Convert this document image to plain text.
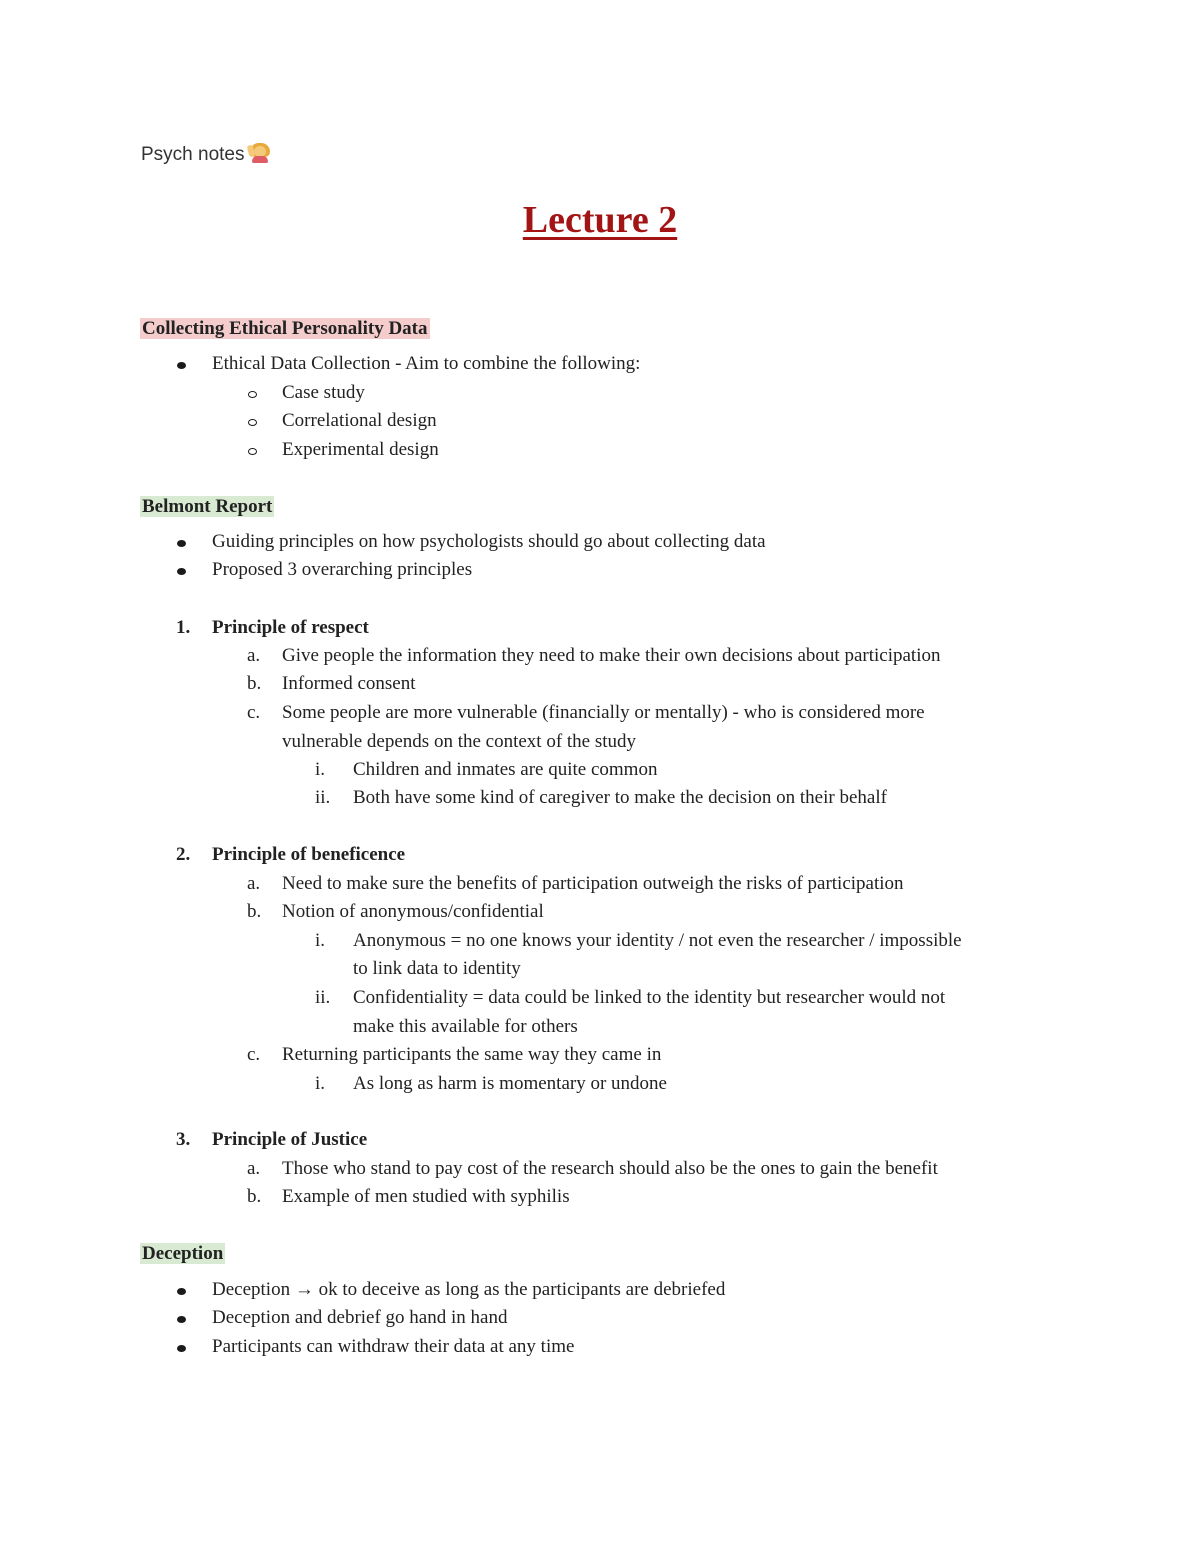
Psych notes
Lecture 2
Collecting Ethical Personality Data
Ethical Data Collection - Aim to combine the following:
Case study
Correlational design
Experimental design
Belmont Report
Guiding principles on how psychologists should go about collecting data
Proposed 3 overarching principles
1. Principle of respect
a. Give people the information they need to make their own decisions about participation
b. Informed consent
c. Some people are more vulnerable (financially or mentally) - who is considered more
vulnerable depends on the context of the study
i. Children and inmates are quite common
ii. Both have some kind of caregiver to make the decision on their behalf
2. Principle of beneficence
a. Need to make sure the benefits of participation outweigh the risks of participation
b. Notion of anonymous/confidential
i. Anonymous = no one knows your identity / not even the researcher / impossible
to link data to identity
ii. Confidentiality = data could be linked to the identity but researcher would not
make this available for others
c. Returning participants the same way they came in
i. As long as harm is momentary or undone
3. Principle of Justice
a. Those who stand to pay cost of the research should also be the ones to gain the benefit
b. Example of men studied with syphilis
Deception
Deception → ok to deceive as long as the participants are debriefed
Deception and debrief go hand in hand
Participants can withdraw their data at any time
